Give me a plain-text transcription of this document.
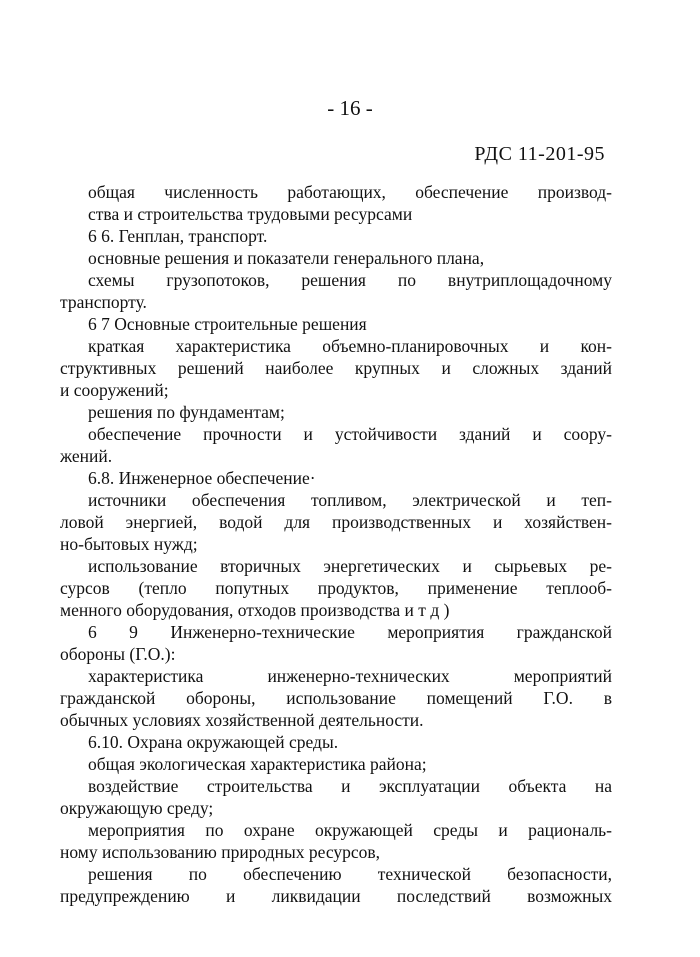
- 16 -
РДС 11-201-95
общая численность работающих, обеспечение производ-
ства и строительства трудовыми ресурсами
6 6. Генплан, транспорт.
основные решения и показатели генерального плана,
схемы грузопотоков, решения по внутриплощадочному
транспорту.
6 7 Основные строительные решения
краткая характеристика объемно-планировочных и кон-
структивных решений наиболее крупных и сложных зданий
и сооружений;
решения по фундаментам;
обеспечение прочности и устойчивости зданий и соору-
жений.
6.8. Инженерное обеспечение·
источники обеспечения топливом, электрической и теп-
ловой энергией, водой для производственных и хозяйствен-
но-бытовых нужд;
использование вторичных энергетических и сырьевых ре-
сурсов (тепло попутных продуктов, применение теплооб-
менного оборудования, отходов производства и т д )
6 9 Инженерно-технические мероприятия гражданской
обороны (Г.О.):
характеристика инженерно-технических мероприятий
гражданской обороны, использование помещений Г.О. в
обычных условиях хозяйственной деятельности.
6.10. Охрана окружающей среды.
общая экологическая характеристика района;
воздействие строительства и эксплуатации объекта на
окружающую среду;
мероприятия по охране окружающей среды и рациональ-
ному использованию природных ресурсов,
решения по обеспечению технической безопасности,
предупреждению и ликвидации последствий возможных
